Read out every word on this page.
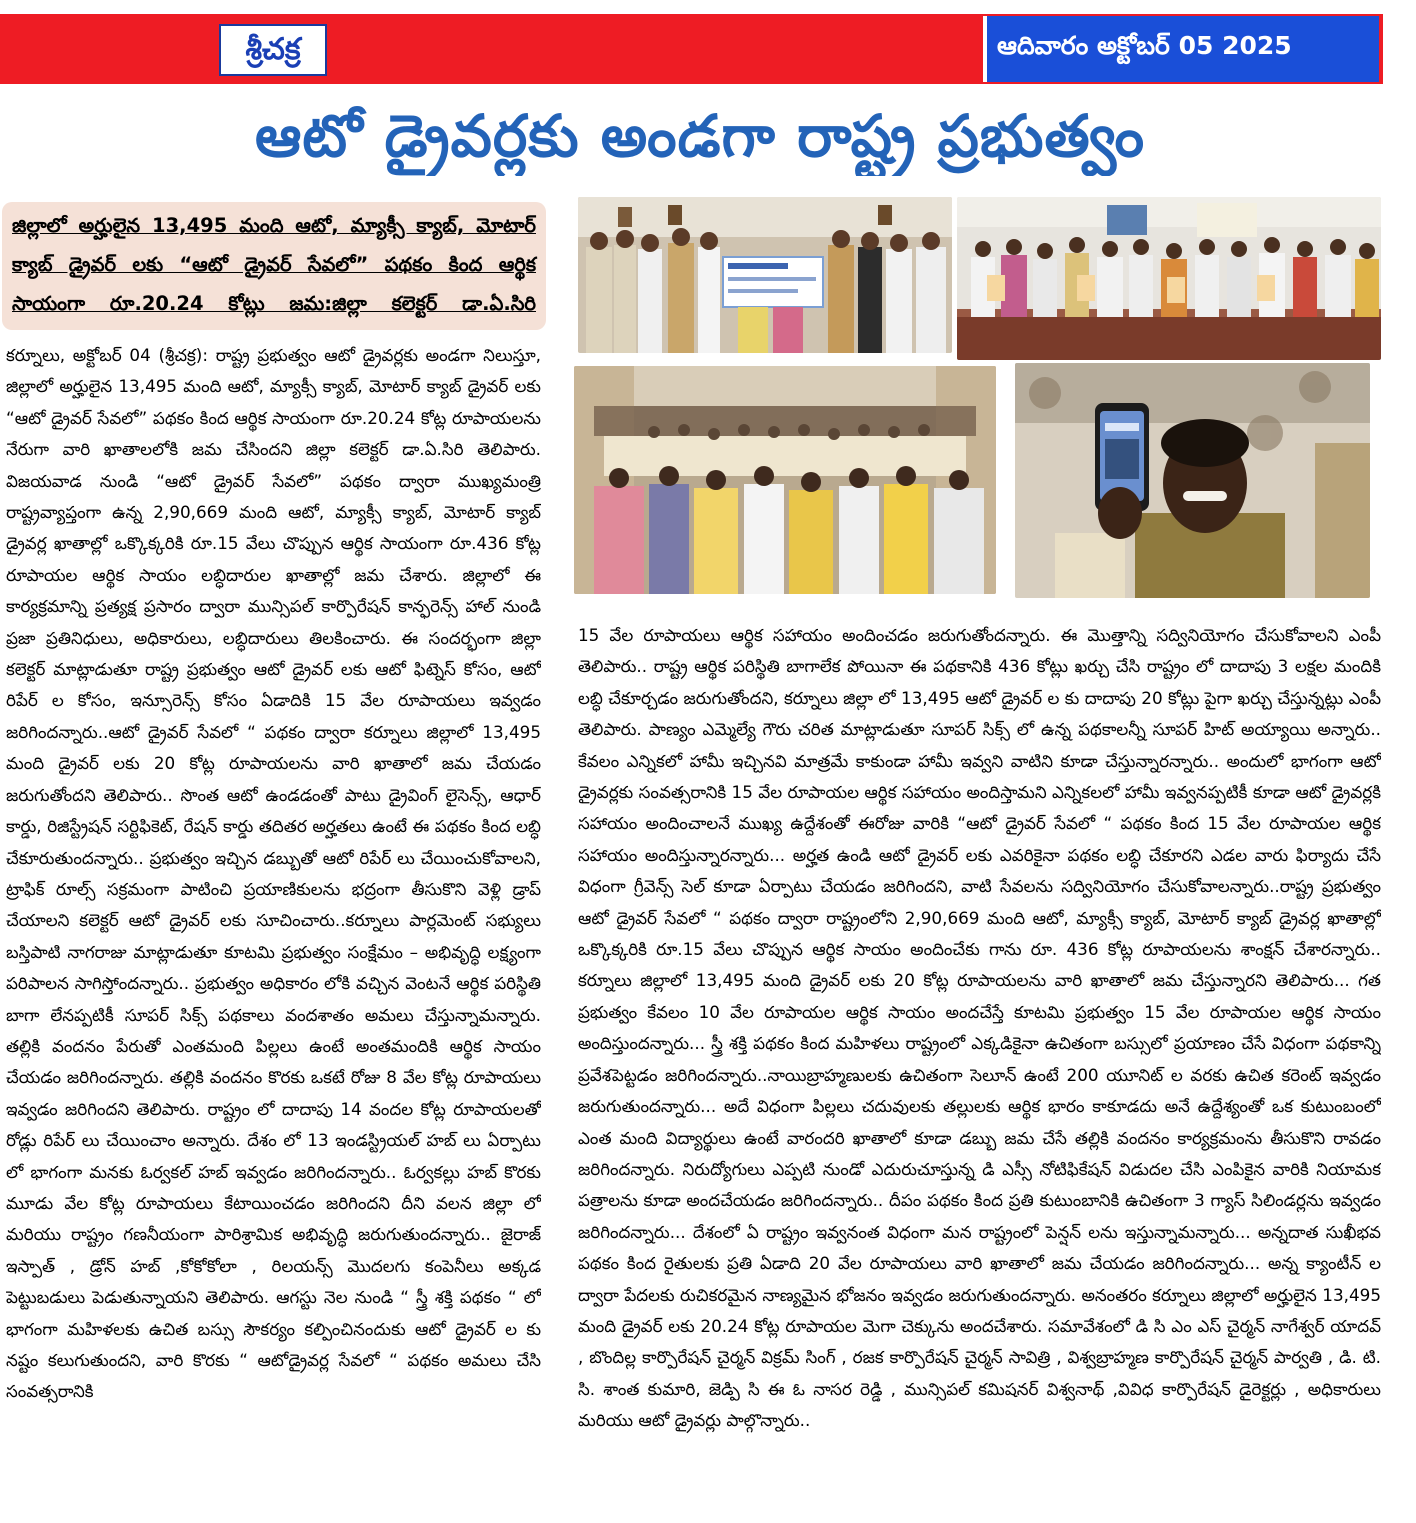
శ్రీచక్ర	ఆదివారం అక్టోబర్ 05 2025
ఆటో డ్రైవర్లకు అండగా రాష్ట్ర ప్రభుత్వం
జిల్లాలో అర్హులైన 13,495 మంది ఆటో, మ్యాక్సీ క్యాబ్, మోటార్ క్యాబ్ డ్రైవర్ లకు “ఆటో డ్రైవర్ సేవలో” పథకం కింద ఆర్థిక సాయంగా రూ.20.24 కోట్లు జమ:జిల్లా కలెక్టర్ డా.ఏ.సిరి
కర్నూలు, అక్టోబర్ 04 (శ్రీచక్ర): రాష్ట్ర ప్రభుత్వం ఆటో డ్రైవర్లకు అండగా నిలుస్తూ, జిల్లాలో అర్హులైన 13,495 మంది ఆటో, మ్యాక్సీ క్యాబ్, మోటార్ క్యాబ్ డ్రైవర్ లకు “ఆటో డ్రైవర్ సేవలో” పథకం కింద ఆర్థిక సాయంగా రూ.20.24 కోట్ల రూపాయలను నేరుగా వారి ఖాతాలలోకి జమ చేసిందని జిల్లా కలెక్టర్ డా.ఏ.సిరి తెలిపారు. విజయవాడ నుండి “ఆటో డ్రైవర్ సేవలో” పథకం ద్వారా ముఖ్యమంత్రి రాష్ట్రవ్యాప్తంగా ఉన్న 2,90,669 మంది ఆటో, మ్యాక్సీ క్యాబ్, మోటార్ క్యాబ్ డ్రైవర్ల ఖాతాల్లో ఒక్కొక్కరికి రూ.15 వేలు చొప్పున ఆర్థిక సాయంగా రూ.436 కోట్ల రూపాయల ఆర్థిక సాయం లబ్ధిదారుల ఖాతాల్లో జమ చేశారు. జిల్లాలో ఈ కార్యక్రమాన్ని ప్రత్యక్ష ప్రసారం ద్వారా మున్సిపల్ కార్పొరేషన్ కాన్ఫరెన్స్ హాల్ నుండి ప్రజా ప్రతినిధులు, అధికారులు, లబ్ధిదారులు తిలకించారు. ఈ సందర్భంగా జిల్లా కలెక్టర్ మాట్లాడుతూ రాష్ట్ర ప్రభుత్వం ఆటో డ్రైవర్ లకు ఆటో ఫిట్నెస్ కోసం, ఆటో రిపేర్ ల కోసం, ఇన్సూరెన్స్ కోసం ఏడాదికి 15 వేల రూపాయలు ఇవ్వడం జరిగిందన్నారు..ఆటో డ్రైవర్ సేవలో “ పథకం ద్వారా కర్నూలు జిల్లాలో 13,495 మంది డ్రైవర్ లకు 20 కోట్ల రూపాయలను వారి ఖాతాలో జమ చేయడం జరుగుతోందని తెలిపారు.. సొంత ఆటో ఉండడంతో పాటు డ్రైవింగ్ లైసెన్స్, ఆధార్ కార్డు, రిజిస్ట్రేషన్ సర్టిఫికెట్, రేషన్ కార్డు తదితర అర్హతలు ఉంటే ఈ పథకం కింద లబ్ధి చేకూరుతుందన్నారు.. ప్రభుత్వం ఇచ్చిన డబ్బుతో ఆటో రిపేర్ లు చేయించుకోవాలని, ట్రాఫిక్ రూల్స్ సక్రమంగా పాటించి ప్రయాణికులను భద్రంగా తీసుకొని వెళ్లి డ్రాప్ చేయాలని కలెక్టర్ ఆటో డ్రైవర్ లకు సూచించారు..కర్నూలు పార్లమెంట్ సభ్యులు బస్తిపాటి నాగరాజు మాట్లాడుతూ కూటమి ప్రభుత్వం సంక్షేమం – అభివృద్ధి లక్ష్యంగా పరిపాలన సాగిస్తోందన్నారు.. ప్రభుత్వం అధికారం లోకి వచ్చిన వెంటనే ఆర్థిక పరిస్థితి బాగా లేనప్పటికీ సూపర్ సిక్స్ పథకాలు వందశాతం అమలు చేస్తున్నామన్నారు. తల్లికి వందనం పేరుతో ఎంతమంది పిల్లలు ఉంటే అంతమందికి ఆర్థిక సాయం చేయడం జరిగిందన్నారు. తల్లికి వందనం కొరకు ఒకటే రోజు 8 వేల కోట్ల రూపాయలు ఇవ్వడం జరిగిందని తెలిపారు. రాష్ట్రం లో దాదాపు 14 వందల కోట్ల రూపాయలతో రోడ్లు రిపేర్ లు చేయించాం అన్నారు. దేశం లో 13 ఇండస్ట్రియల్ హబ్ లు ఏర్పాటు లో భాగంగా మనకు ఓర్వకల్ హబ్ ఇవ్వడం జరిగిందన్నారు.. ఓర్వకల్లు హబ్ కొరకు మూడు వేల కోట్ల రూపాయలు కేటాయించడం జరిగిందని దీని వలన జిల్లా లో మరియు రాష్ట్రం గణనీయంగా పారిశ్రామిక అభివృద్ధి జరుగుతుందన్నారు.. జైరాజ్ ఇస్పాత్ , డ్రోన్ హబ్ ,కోకోకోలా , రిలయన్స్ మొదలగు కంపెనీలు అక్కడ పెట్టుబడులు పెడుతున్నాయని తెలిపారు. ఆగస్టు నెల నుండి “ స్త్రీ శక్తి పథకం “ లో భాగంగా మహిళలకు ఉచిత బస్సు సౌకర్యం కల్పించినందుకు ఆటో డ్రైవర్ ల కు నష్టం కలుగుతుందని, వారి కొరకు “ ఆటోడ్రైవర్ల సేవలో “ పథకం అమలు చేసి సంవత్సరానికి
15 వేల రూపాయలు ఆర్థిక సహాయం అందించడం జరుగుతోందన్నారు. ఈ మొత్తాన్ని సద్వినియోగం చేసుకోవాలని ఎంపీ తెలిపారు.. రాష్ట్ర ఆర్థిక పరిస్థితి బాగాలేక పోయినా ఈ పథకానికి 436 కోట్లు ఖర్చు చేసి రాష్ట్రం లో దాదాపు 3 లక్షల మందికి లబ్ధి చేకూర్చడం జరుగుతోందని, కర్నూలు జిల్లా లో 13,495 ఆటో డ్రైవర్ ల కు దాదాపు 20 కోట్లు పైగా ఖర్చు చేస్తున్నట్లు ఎంపీ తెలిపారు. పాణ్యం ఎమ్మెల్యే గౌరు చరిత మాట్లాడుతూ సూపర్ సిక్స్ లో ఉన్న పథకాలన్నీ సూపర్ హిట్ అయ్యాయి అన్నారు.. కేవలం ఎన్నికలో హామీ ఇచ్చినవి మాత్రమే కాకుండా హామీ ఇవ్వని వాటిని కూడా చేస్తున్నారన్నారు.. అందులో భాగంగా ఆటో డ్రైవర్లకు సంవత్సరానికి 15 వేల రూపాయల ఆర్థిక సహాయం అందిస్తామని ఎన్నికలలో హామీ ఇవ్వనప్పటికీ కూడా ఆటో డ్రైవర్లకి సహాయం అందించాలనే ముఖ్య ఉద్దేశంతో ఈరోజు వారికి “ఆటో డ్రైవర్ సేవలో “ పథకం కింద 15 వేల రూపాయల ఆర్థిక సహాయం అందిస్తున్నారన్నారు... అర్హత ఉండి ఆటో డ్రైవర్ లకు ఎవరికైనా పథకం లబ్ధి చేకూరని ఎడల వారు ఫిర్యాదు చేసే విధంగా గ్రీవెన్స్ సెల్ కూడా ఏర్పాటు చేయడం జరిగిందని, వాటి సేవలను సద్వినియోగం చేసుకోవాలన్నారు..రాష్ట్ర ప్రభుత్వం ఆటో డ్రైవర్ సేవలో “ పథకం ద్వారా రాష్ట్రంలోని 2,90,669 మంది ఆటో, మ్యాక్సీ క్యాబ్, మోటార్ క్యాబ్ డ్రైవర్ల ఖాతాల్లో ఒక్కొక్కరికి రూ.15 వేలు చొప్పున ఆర్థిక సాయం అందించేకు గాను రూ. 436 కోట్ల రూపాయలను శాంక్షన్ చేశారన్నారు.. కర్నూలు జిల్లాలో 13,495 మంది డ్రైవర్ లకు 20 కోట్ల రూపాయలను వారి ఖాతాలో జమ చేస్తున్నారని తెలిపారు... గత ప్రభుత్వం కేవలం 10 వేల రూపాయల ఆర్థిక సాయం అందచేస్తే కూటమి ప్రభుత్వం 15 వేల రూపాయల ఆర్థిక సాయం అందిస్తుందన్నారు... స్త్రీ శక్తి పథకం కింద మహిళలు రాష్ట్రంలో ఎక్కడికైనా ఉచితంగా బస్సులో ప్రయాణం చేసే విధంగా పథకాన్ని ప్రవేశపెట్టడం జరిగిందన్నారు..నాయిబ్రాహ్మణులకు ఉచితంగా సెలూన్ ఉంటే 200 యూనిట్ ల వరకు ఉచిత కరెంట్ ఇవ్వడం జరుగుతుందన్నారు... అదే విధంగా పిల్లలు చదువులకు తల్లులకు ఆర్థిక భారం కాకూడదు అనే ఉద్దేశ్యంతో ఒక కుటుంబంలో ఎంత మంది విద్యార్థులు ఉంటే వారందరి ఖాతాలో కూడా డబ్బు జమ చేసే తల్లికి వందనం కార్యక్రమంను తీసుకొని రావడం జరిగిందన్నారు. నిరుద్యోగులు ఎప్పటి నుండో ఎదురుచూస్తున్న డి ఎస్సీ నోటిఫికేషన్ విడుదల చేసి ఎంపికైన వారికి నియామక పత్రాలను కూడా అందచేయడం జరిగిందన్నారు.. దీపం పథకం కింద ప్రతి కుటుంబానికి ఉచితంగా 3 గ్యాస్ సిలిండర్లను ఇవ్వడం జరిగిందన్నారు... దేశంలో ఏ రాష్ట్రం ఇవ్వనంత విధంగా మన రాష్ట్రంలో పెన్షన్ లను ఇస్తున్నామన్నారు... అన్నదాత సుఖీభవ పథకం కింద రైతులకు ప్రతి ఏడాది 20 వేల రూపాయలు వారి ఖాతాలో జమ చేయడం జరిగిందన్నారు... అన్న క్యాంటీన్ ల ద్వారా పేదలకు రుచికరమైన నాణ్యమైన భోజనం ఇవ్వడం జరుగుతుందన్నారు. అనంతరం కర్నూలు జిల్లాలో అర్హులైన 13,495 మంది డ్రైవర్ లకు 20.24 కోట్ల రూపాయల మెగా చెక్కును అందచేశారు. సమావేశంలో డి సి ఎం ఎస్ చైర్మన్ నాగేశ్వర్ యాదవ్ , బొందిల్ల కార్పొరేషన్ చైర్మన్ విక్రమ్ సింగ్ , రజక కార్పొరేషన్ చైర్మన్ సావిత్రి , విశ్వబ్రాహ్మణ కార్పొరేషన్ చైర్మన్ పార్వతి , డి. టి. సి. శాంత కుమారి, జెడ్పి సి ఈ ఓ నాసర రెడ్డి , మున్సిపల్ కమిషనర్ విశ్వనాథ్ ,వివిధ కార్పొరేషన్ డైరెక్టర్లు , అధికారులు మరియు ఆటో డ్రైవర్లు పాల్గొన్నారు..
